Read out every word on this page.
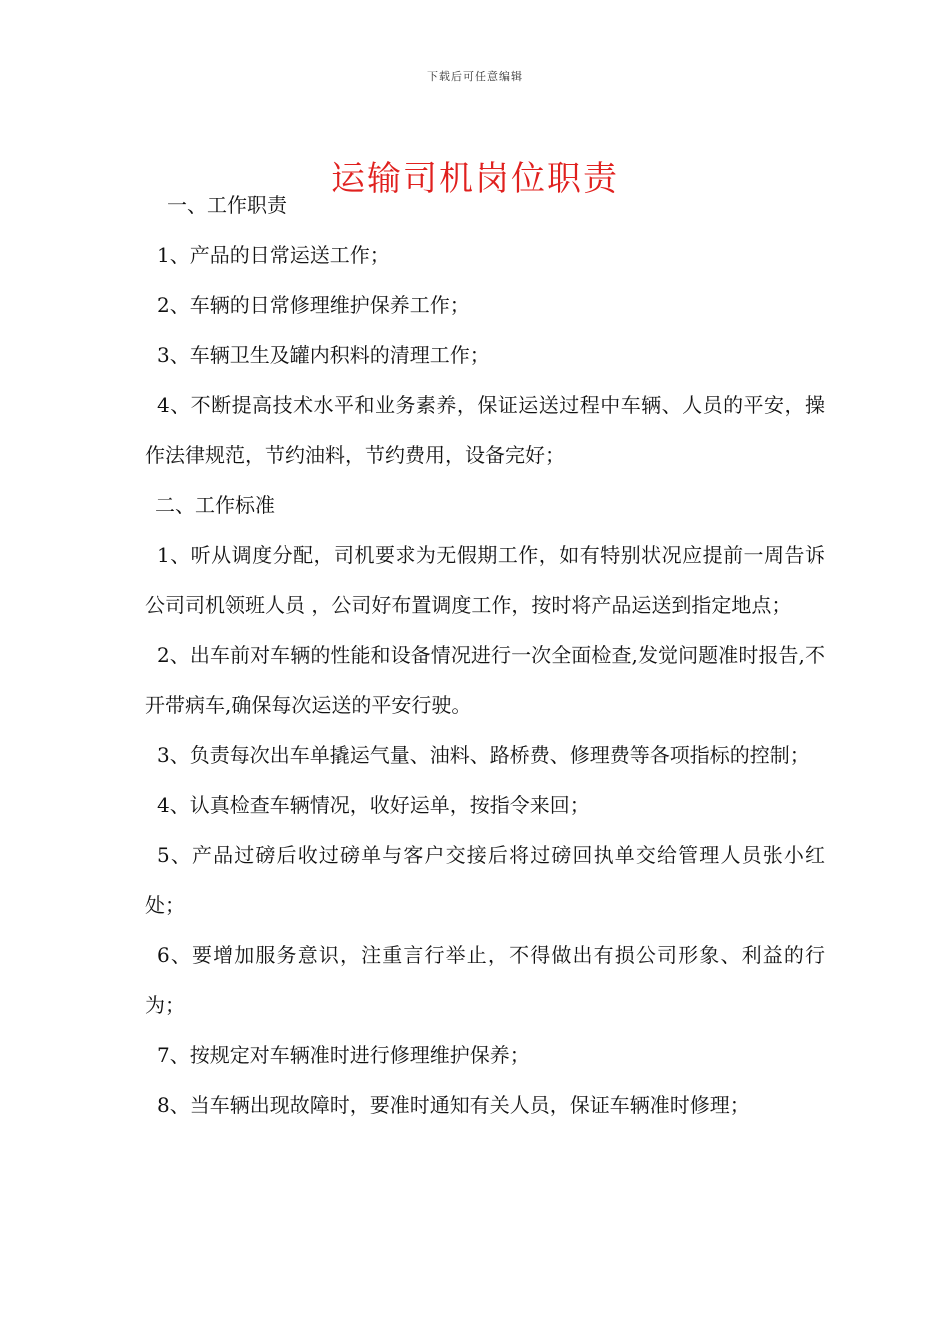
下载后可任意编辑
运输司机岗位职责

一、工作职责

1、产品的日常运送工作；

2、车辆的日常修理维护保养工作；

3、车辆卫生及罐内积料的清理工作；

4、不断提高技术水平和业务素养，保证运送过程中车辆、人员的平安，操作法律规范，节约油料，节约费用，设备完好；

二、工作标准

1、听从调度分配，司机要求为无假期工作，如有特别状况应提前一周告诉公司司机领班人员 ，公司好布置调度工作，按时将产品运送到指定地点；

2、出车前对车辆的性能和设备情况进行一次全面检查,发觉问题准时报告,不开带病车,确保每次运送的平安行驶。

3、负责每次出车单撬运气量、油料、路桥费、修理费等各项指标的控制；

4、认真检查车辆情况，收好运单，按指令来回；

5、产品过磅后收过磅单与客户交接后将过磅回执单交给管理人员张小红处；

6、要增加服务意识，注重言行举止，不得做出有损公司形象、利益的行为；

7、按规定对车辆准时进行修理维护保养；

8、当车辆出现故障时，要准时通知有关人员，保证车辆准时修理；
